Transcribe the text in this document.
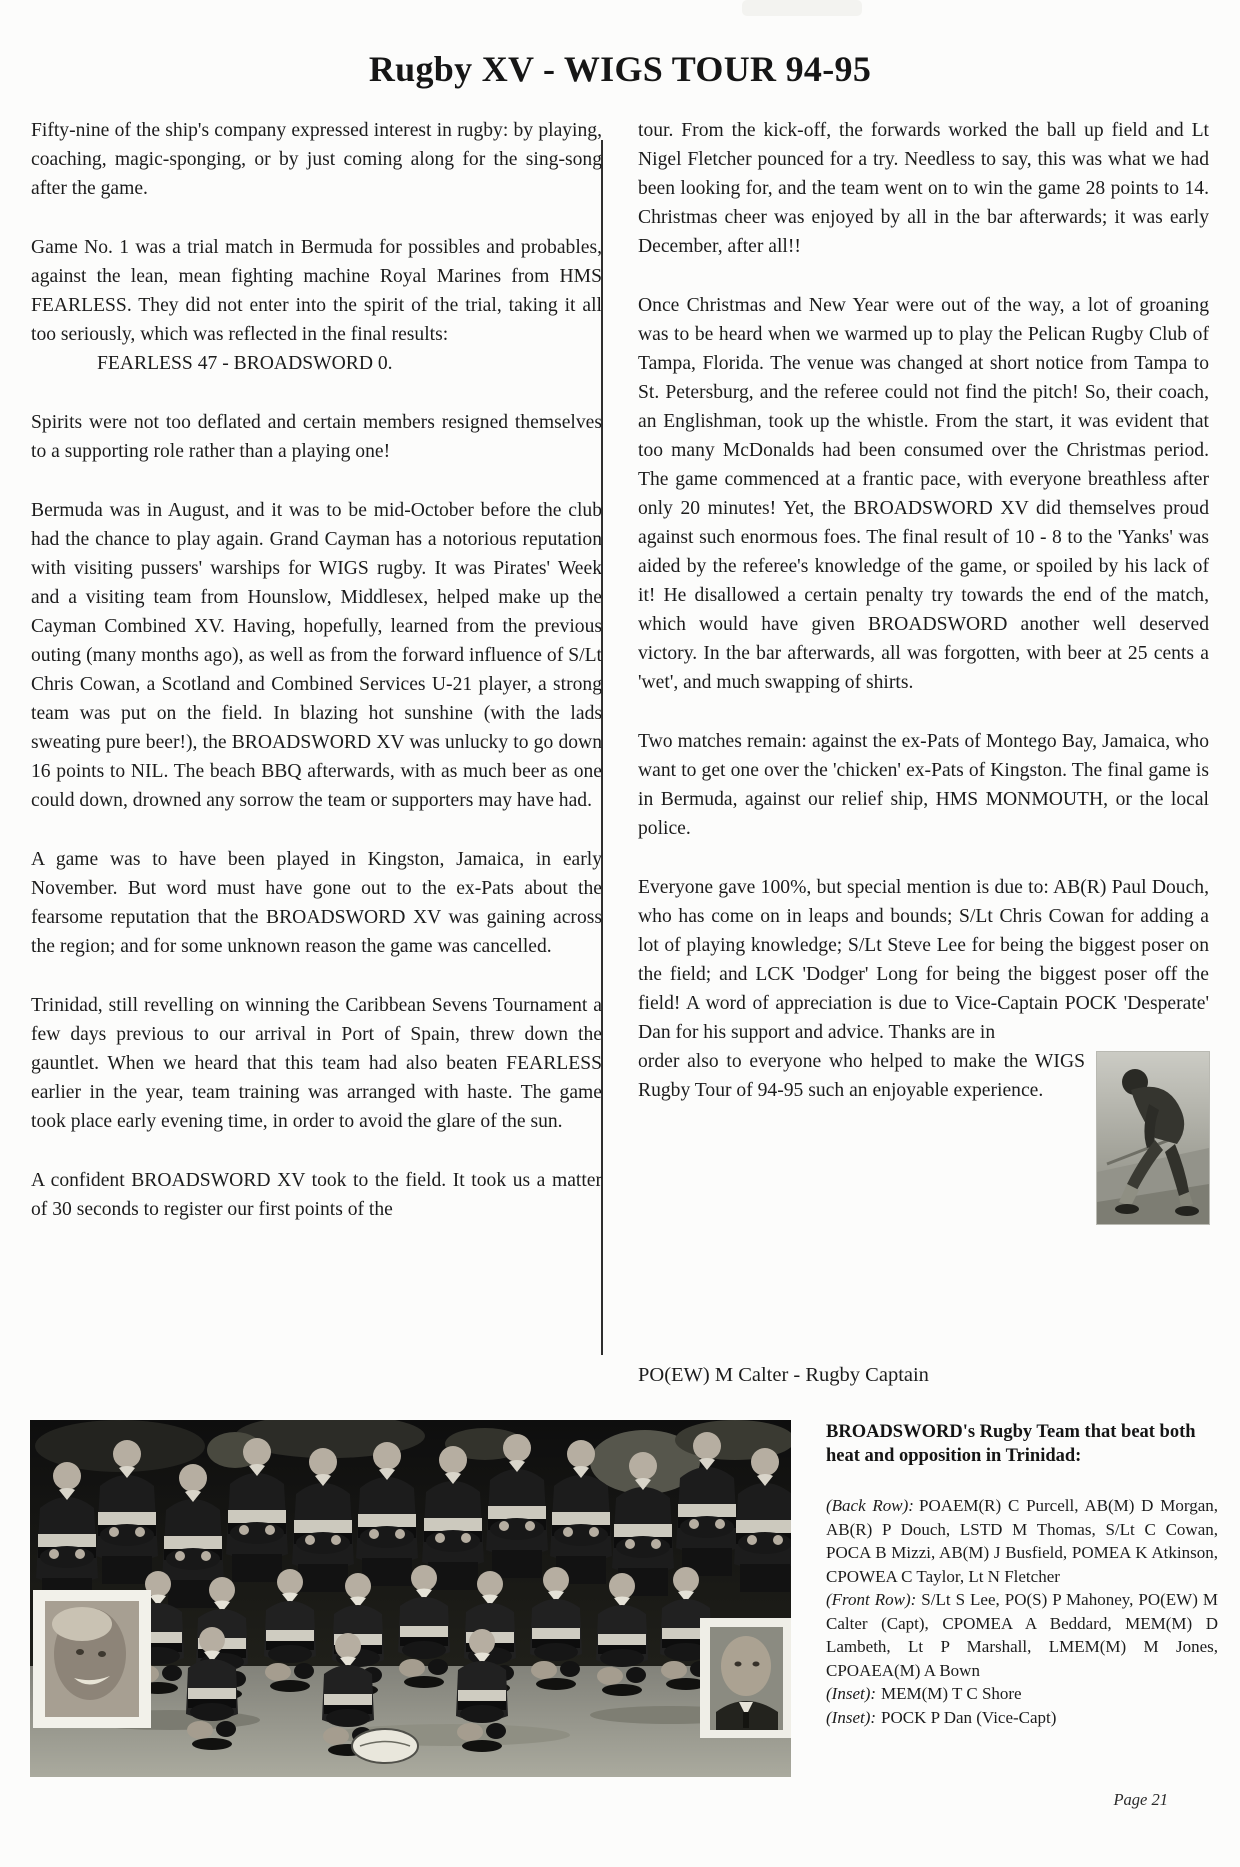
Rugby XV - WIGS TOUR 94-95

Fifty-nine of the ship's company expressed interest in rugby: by playing, coaching, magic-sponging, or by just coming along for the sing-song after the game.

Game No. 1 was a trial match in Bermuda for possibles and probables, against the lean, mean fighting machine Royal Marines from HMS FEARLESS. They did not enter into the spirit of the trial, taking it all too seriously, which was reflected in the final results:

FEARLESS 47 - BROADSWORD 0.

Spirits were not too deflated and certain members resigned themselves to a supporting role rather than a playing one!

Bermuda was in August, and it was to be mid-October before the club had the chance to play again. Grand Cayman has a notorious reputation with visiting pussers' warships for WIGS rugby. It was Pirates' Week and a visiting team from Hounslow, Middlesex, helped make up the Cayman Combined XV. Having, hopefully, learned from the previous outing (many months ago), as well as from the forward influence of S/Lt Chris Cowan, a Scotland and Combined Services U-21 player, a strong team was put on the field. In blazing hot sunshine (with the lads sweating pure beer!), the BROADSWORD XV was unlucky to go down 16 points to NIL. The beach BBQ afterwards, with as much beer as one could down, drowned any sorrow the team or supporters may have had.

A game was to have been played in Kingston, Jamaica, in early November. But word must have gone out to the ex-Pats about the fearsome reputation that the BROADSWORD XV was gaining across the region; and for some unknown reason the game was cancelled.

Trinidad, still revelling on winning the Caribbean Sevens Tournament a few days previous to our arrival in Port of Spain, threw down the gauntlet. When we heard that this team had also beaten FEARLESS earlier in the year, team training was arranged with haste. The game took place early evening time, in order to avoid the glare of the sun.

A confident BROADSWORD XV took to the field. It took us a matter of 30 seconds to register our first points of the

tour. From the kick-off, the forwards worked the ball up field and Lt Nigel Fletcher pounced for a try. Needless to say, this was what we had been looking for, and the team went on to win the game 28 points to 14. Christmas cheer was enjoyed by all in the bar afterwards; it was early December, after all!!

Once Christmas and New Year were out of the way, a lot of groaning was to be heard when we warmed up to play the Pelican Rugby Club of Tampa, Florida. The venue was changed at short notice from Tampa to St. Petersburg, and the referee could not find the pitch! So, their coach, an Englishman, took up the whistle. From the start, it was evident that too many McDonalds had been consumed over the Christmas period. The game commenced at a frantic pace, with everyone breathless after only 20 minutes! Yet, the BROADSWORD XV did themselves proud against such enormous foes. The final result of 10 - 8 to the 'Yanks' was aided by the referee's knowledge of the game, or spoiled by his lack of it! He disallowed a certain penalty try towards the end of the match, which would have given BROADSWORD another well deserved victory. In the bar afterwards, all was forgotten, with beer at 25 cents a 'wet', and much swapping of shirts.

Two matches remain: against the ex-Pats of Montego Bay, Jamaica, who want to get one over the 'chicken' ex-Pats of Kingston. The final game is in Bermuda, against our relief ship, HMS MONMOUTH, or the local police.

Everyone gave 100%, but special mention is due to: AB(R) Paul Douch, who has come on in leaps and bounds; S/Lt Chris Cowan for adding a lot of playing knowledge; S/Lt Steve Lee for being the biggest poser on the field; and LCK 'Dodger' Long for being the biggest poser off the field! A word of appreciation is due to Vice-Captain POCK 'Desperate' Dan for his support and advice. Thanks are in

order also to everyone who helped to make the WIGS Rugby Tour of 94-95 such an enjoyable experience.

PO(EW) M Calter - Rugby Captain

BROADSWORD's Rugby Team that beat both heat and opposition in Trinidad:

(Back Row): POAEM(R) C Purcell, AB(M) D Morgan, AB(R) P Douch, LSTD M Thomas, S/Lt C Cowan, POCA B Mizzi, AB(M) J Busfield, POMEA K Atkinson, CPOWEA C Taylor, Lt N Fletcher

(Front Row): S/Lt S Lee, PO(S) P Mahoney, PO(EW) M Calter (Capt), CPOMEA A Beddard, MEM(M) D Lambeth, Lt P Marshall, LMEM(M) M Jones, CPOAEA(M) A Bown

(Inset): MEM(M) T C Shore

(Inset): POCK P Dan (Vice-Capt)

Page 21
